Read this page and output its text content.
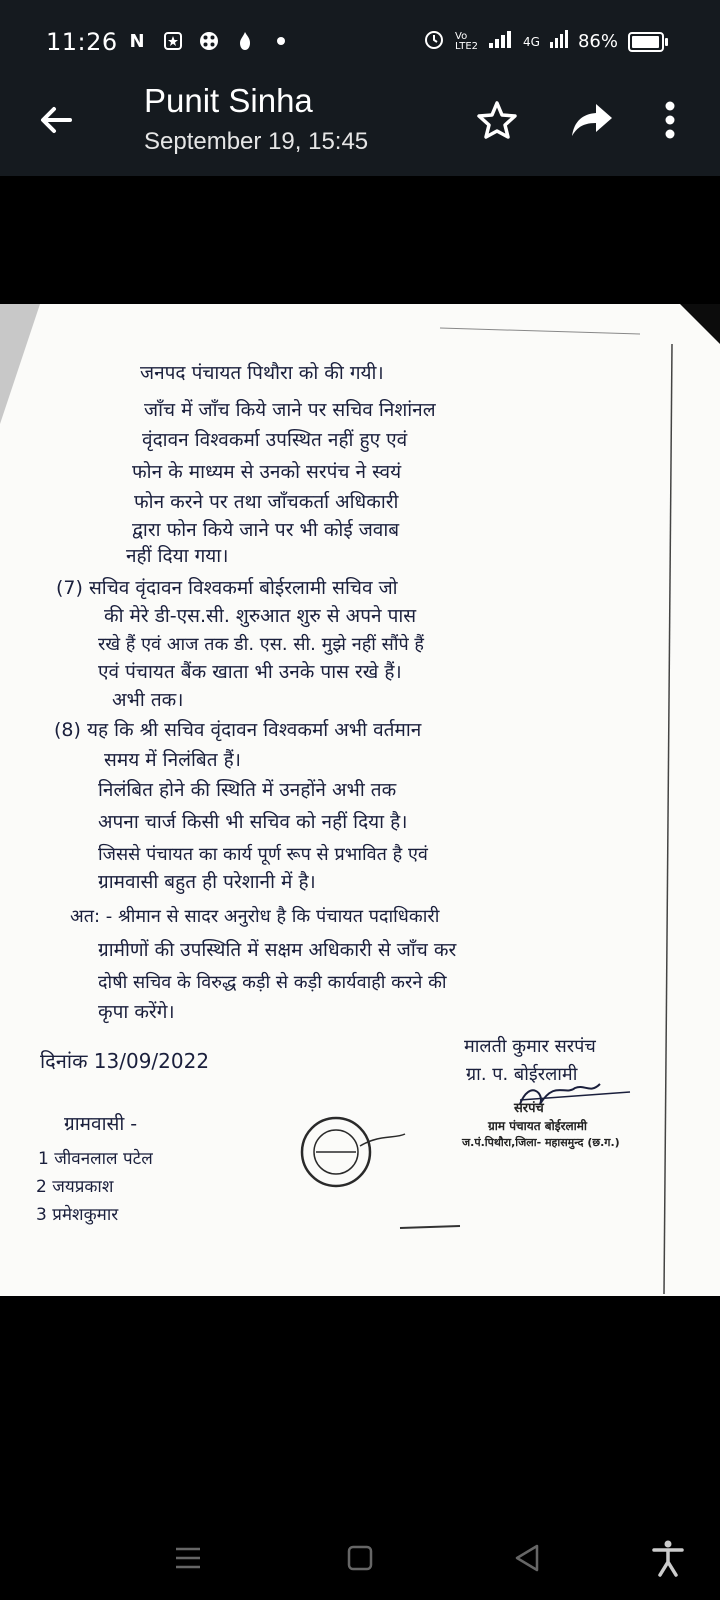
11:26 N	Vo LTE2	4G 86%
Punit Sinha
September 19, 15:45
जनपद पंचायत पिथौरा को की गयी।
जाँच में जाँच किये जाने पर सचिव निशांनल
वृंदावन विश्वकर्मा उपस्थित नहीं हुए एवं
फोन के माध्यम से उनको सरपंच ने स्वयं
फोन करने पर तथा जाँचकर्ता अधिकारी
द्वारा फोन किये जाने पर भी कोई जवाब
नहीं दिया गया।
(7) सचिव वृंदावन विश्वकर्मा बोईरलामी सचिव जो
की मेरे डी-एस.सी. शुरुआत शुरु से अपने पास
रखे हैं एवं आज तक डी. एस. सी. मुझे नहीं सौंपे हैं
एवं पंचायत बैंक खाता भी उनके पास रखे हैं।
अभी तक।
(8) यह कि श्री सचिव वृंदावन विश्वकर्मा अभी वर्तमान
समय में निलंबित हैं।
निलंबित होने की स्थिति में उनहोंने अभी तक
अपना चार्ज किसी भी सचिव को नहीं दिया है।
जिससे पंचायत का कार्य पूर्ण रूप से प्रभावित है एवं
ग्रामवासी बहुत ही परेशानी में है।
अत: - श्रीमान से सादर अनुरोध है कि पंचायत पदाधिकारी
ग्रामीणों की उपस्थिति में सक्षम अधिकारी से जाँच कर
दोषी सचिव के विरुद्ध कड़ी से कड़ी कार्यवाही करने की
कृपा करेंगे।
दिनांक 13/09/2022
मालती कुमार सरपंच
ग्रा. प. बोईरलामी
ग्रामवासी -
1 जीवनलाल पटेल
2 जयप्रकाश
3 प्रमेशकुमार
सरपंच
ग्राम पंचायत बोईरलामी
ज.पं.पिथौरा,जिला- महासमुन्द (छ.ग.)
